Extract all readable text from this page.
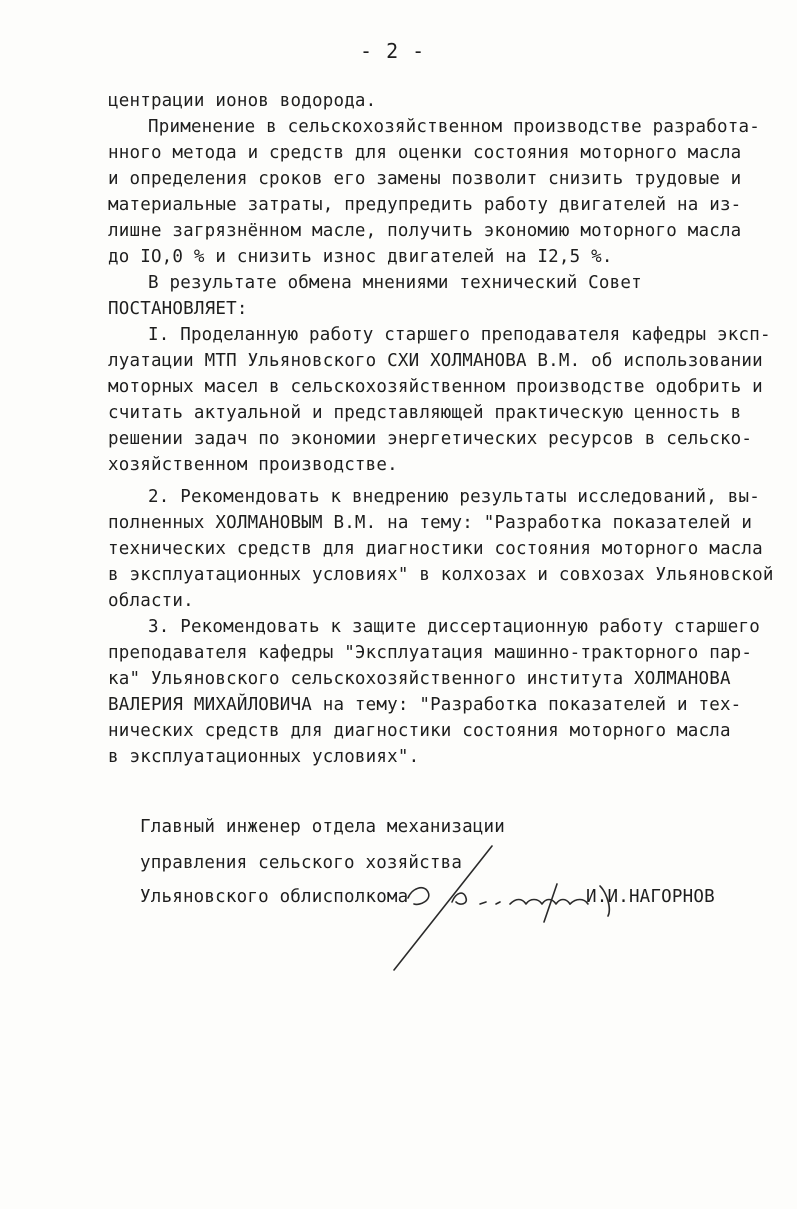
- 2 -
центрации ионов водорода.
Применение в сельскохозяйственном производстве разработа-
нного метода и средств для оценки состояния моторного масла
и определения сроков его замены позволит снизить трудовые и
материальные затраты, предупредить работу двигателей на из-
лишне загрязнённом масле, получить экономию моторного масла
до IO,0 % и снизить износ двигателей на I2,5 %.
В результате обмена мнениями технический Совет
ПОСТАНОВЛЯЕТ:
I. Проделанную работу старшего преподавателя кафедры эксп-
луатации МТП Ульяновского СХИ ХОЛМАНОВА В.М. об использовании
моторных масел в сельскохозяйственном производстве одобрить и
считать актуальной и представляющей практическую ценность в
решении задач по экономии энергетических ресурсов в сельско-
хозяйственном производстве.
2. Рекомендовать к внедрению результаты исследований, вы-
полненных ХОЛМАНОВЫМ В.М. на тему: "Разработка показателей и
технических средств для диагностики состояния моторного масла
в эксплуатационных условиях" в колхозах и совхозах Ульяновской
области.
3. Рекомендовать к защите диссертационную работу старшего
преподавателя кафедры "Эксплуатация машинно-тракторного пар-
ка" Ульяновского сельскохозяйственного института ХОЛМАНОВА
ВАЛЕРИЯ МИХАЙЛОВИЧА на тему: "Разработка показателей и тех-
нических средств для диагностики состояния моторного масла
в эксплуатационных условиях".
Главный инженер отдела механизации
управления сельского хозяйства
Ульяновского облисполкома	И.И.НАГОРНОВ
